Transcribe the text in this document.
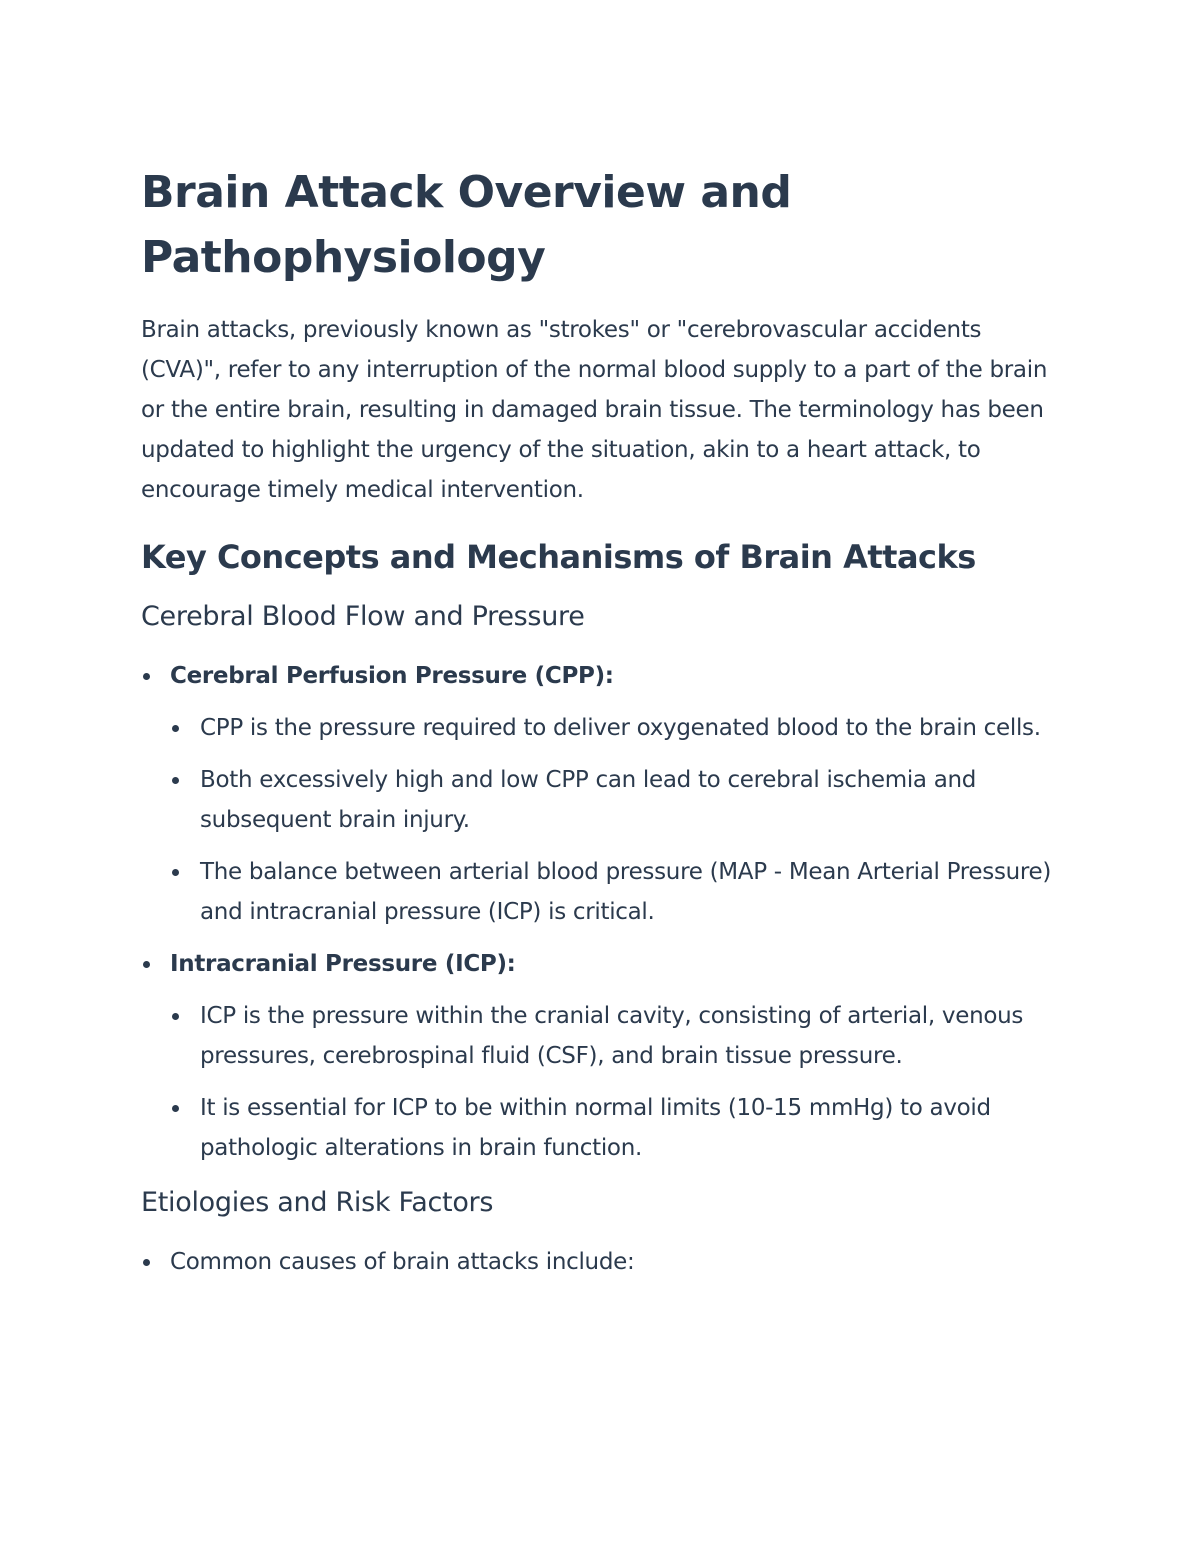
Brain Attack Overview and Pathophysiology

Brain attacks, previously known as "strokes" or "cerebrovascular accidents (CVA)", refer to any interruption of the normal blood supply to a part of the brain or the entire brain, resulting in damaged brain tissue. The terminology has been updated to highlight the urgency of the situation, akin to a heart attack, to encourage timely medical intervention.

Key Concepts and Mechanisms of Brain Attacks
Cerebral Blood Flow and Pressure
Cerebral Perfusion Pressure (CPP):
CPP is the pressure required to deliver oxygenated blood to the brain cells.
Both excessively high and low CPP can lead to cerebral ischemia and subsequent brain injury.
The balance between arterial blood pressure (MAP - Mean Arterial Pressure) and intracranial pressure (ICP) is critical.
Intracranial Pressure (ICP):
ICP is the pressure within the cranial cavity, consisting of arterial, venous pressures, cerebrospinal fluid (CSF), and brain tissue pressure.
It is essential for ICP to be within normal limits (10-15 mmHg) to avoid pathologic alterations in brain function.
Etiologies and Risk Factors
Common causes of brain attacks include:
